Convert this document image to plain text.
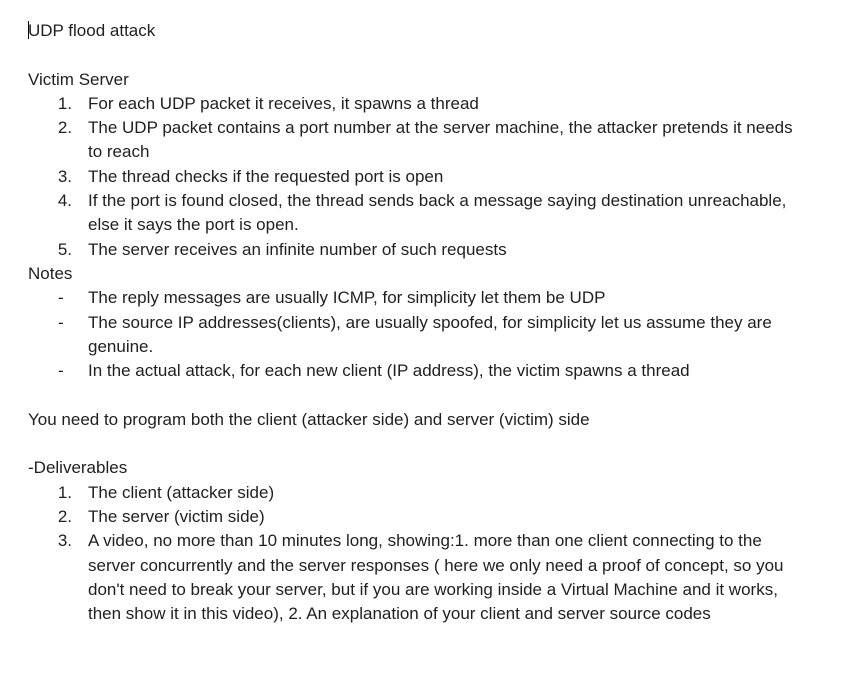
UDP flood attack
Victim Server
1. For each UDP packet it receives, it spawns a thread
2. The UDP packet contains a port number at the server machine, the attacker pretends it needs to reach
3. The thread checks if the requested port is open
4. If the port is found closed, the thread sends back a message saying destination unreachable, else it says the port is open.
5. The server receives an infinite number of such requests
Notes
- The reply messages are usually ICMP, for simplicity let them be UDP
- The source IP addresses(clients), are usually spoofed, for simplicity let us assume they are genuine.
- In the actual attack, for each new client (IP address), the victim spawns a thread
You need to program both the client (attacker side) and server (victim) side
-Deliverables
1. The client (attacker side)
2. The server (victim side)
3. A video, no more than 10 minutes long, showing:1. more than one client connecting to the server concurrently and the server responses ( here we only need a proof of concept, so you don't need to break your server, but if you are working inside a Virtual Machine and it works, then show it in this video), 2. An explanation of your client and server source codes
